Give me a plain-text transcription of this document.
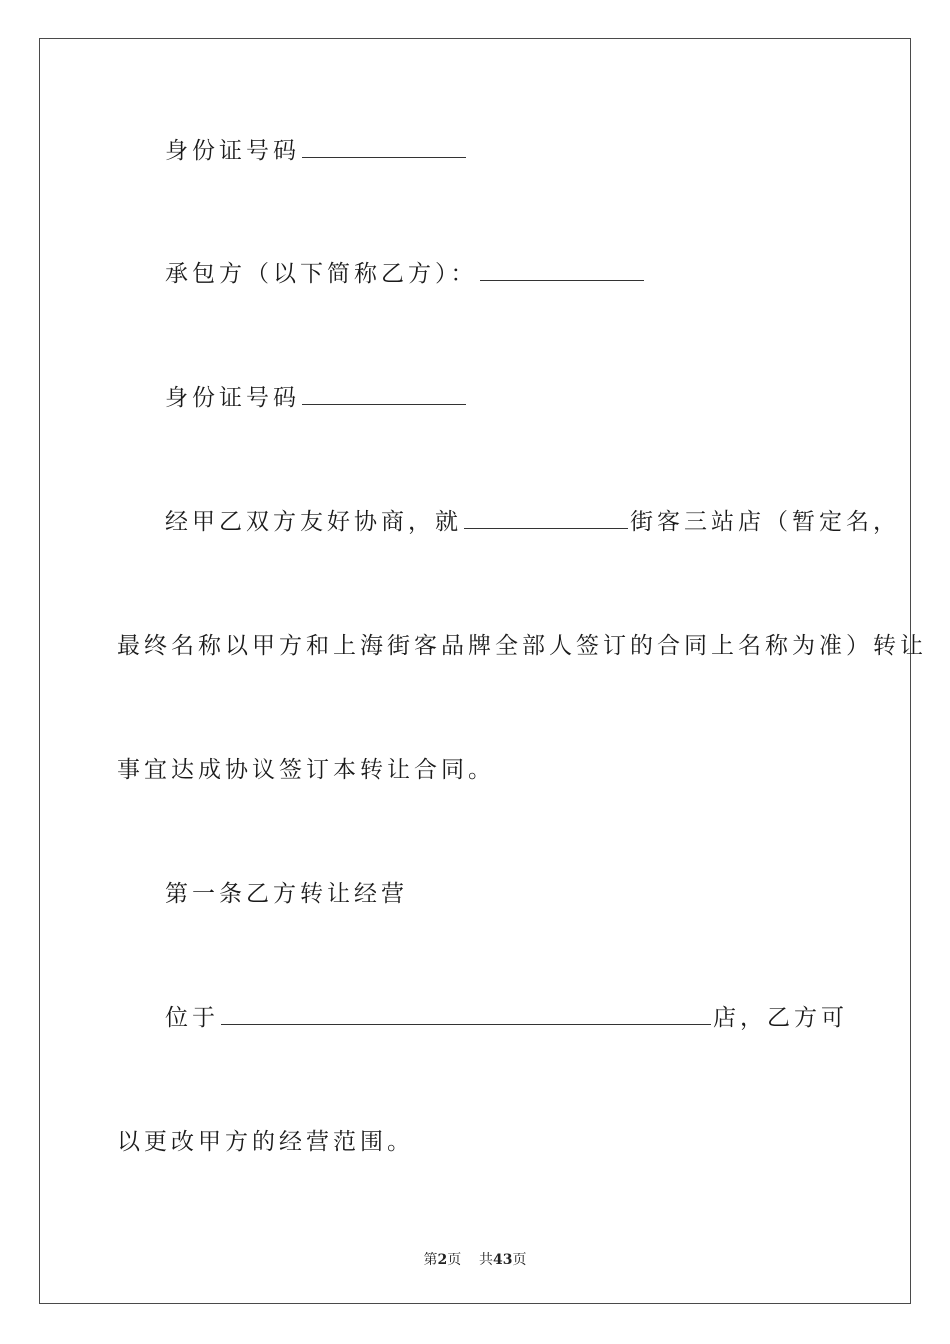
身份证号码
承包方（以下简称乙方）：
身份证号码
经甲乙双方友好协商，就	街客三站店（暂定名，
最终名称以甲方和上海街客品牌全部人签订的合同上名称为准）转让
事宜达成协议签订本转让合同。
第一条乙方转让经营
位于	店，乙方可
以更改甲方的经营范围。
第2页 共43页
